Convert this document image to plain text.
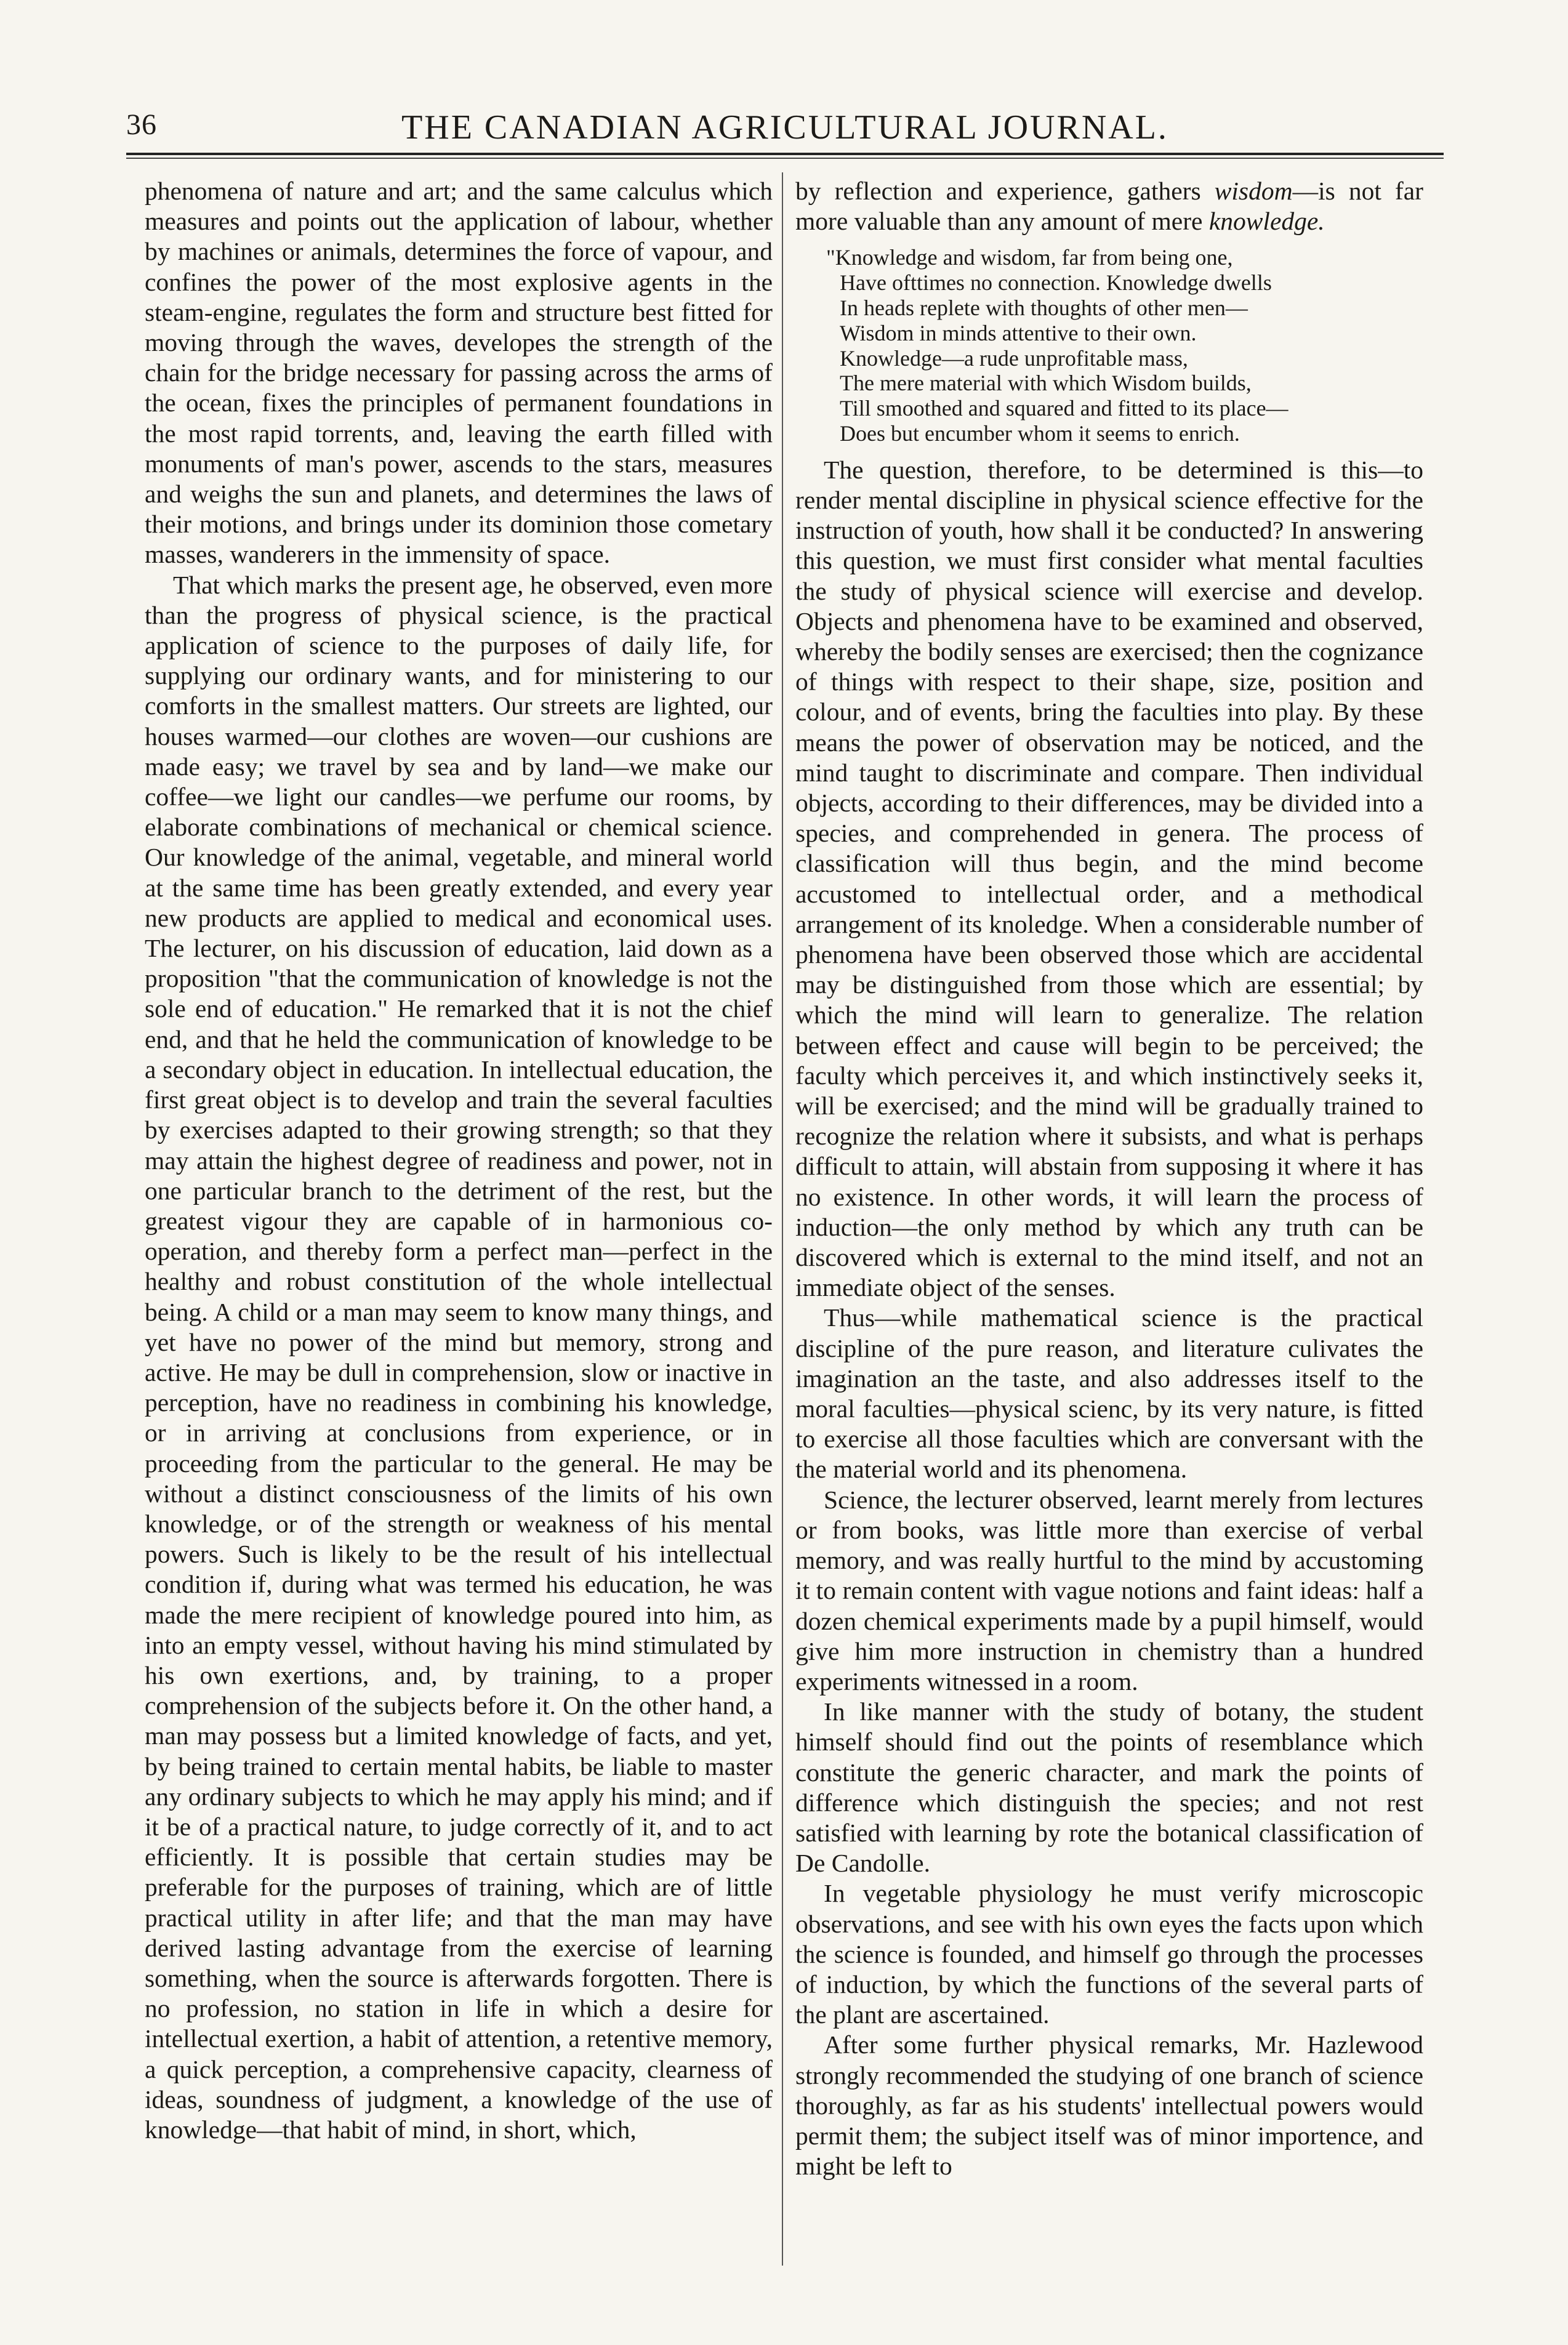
36	THE CANADIAN AGRICULTURAL JOURNAL.

phenomena of nature and art; and the same calculus which measures and points out the application of labour, whether by machines or animals, determines the force of vapour, and confines the power of the most explosive agents in the steam-engine, regulates the form and structure best fitted for moving through the waves, developes the strength of the chain for the bridge necessary for passing across the arms of the ocean, fixes the principles of permanent foundations in the most rapid torrents, and, leaving the earth filled with monuments of man's power, ascends to the stars, measures and weighs the sun and planets, and determines the laws of their motions, and brings under its dominion those cometary masses, wanderers in the immensity of space.

That which marks the present age, he observed, even more than the progress of physical science, is the practical application of science to the purposes of daily life, for supplying our ordinary wants, and for ministering to our comforts in the smallest matters. Our streets are lighted, our houses warmed—our clothes are woven—our cushions are made easy; we travel by sea and by land—we make our coffee—we light our candles—we perfume our rooms, by elaborate combinations of mechanical or chemical science. Our knowledge of the animal, vegetable, and mineral world at the same time has been greatly extended, and every year new products are applied to medical and economical uses. The lecturer, on his discussion of education, laid down as a proposition "that the communication of knowledge is not the sole end of education." He remarked that it is not the chief end, and that he held the communication of knowledge to be a secondary object in education. In intellectual education, the first great object is to develop and train the several faculties by exercises adapted to their growing strength; so that they may attain the highest degree of readiness and power, not in one particular branch to the detriment of the rest, but the greatest vigour they are capable of in harmonious co-operation, and thereby form a perfect man—perfect in the healthy and robust constitution of the whole intellectual being. A child or a man may seem to know many things, and yet have no power of the mind but memory, strong and active. He may be dull in comprehension, slow or inactive in perception, have no readiness in combining his knowledge, or in arriving at conclusions from experience, or in proceeding from the particular to the general. He may be without a distinct consciousness of the limits of his own knowledge, or of the strength or weakness of his mental powers. Such is likely to be the result of his intellectual condition if, during what was termed his education, he was made the mere recipient of knowledge poured into him, as into an empty vessel, without having his mind stimulated by his own exertions, and, by training, to a proper comprehension of the subjects before it. On the other hand, a man may possess but a limited knowledge of facts, and yet, by being trained to certain mental habits, be liable to master any ordinary subjects to which he may apply his mind; and if it be of a practical nature, to judge correctly of it, and to act efficiently. It is possible that certain studies may be preferable for the purposes of training, which are of little practical utility in after life; and that the man may have derived lasting advantage from the exercise of learning something, when the source is afterwards forgotten. There is no profession, no station in life in which a desire for intellectual exertion, a habit of attention, a retentive memory, a quick perception, a comprehensive capacity, clearness of ideas, soundness of judgment, a knowledge of the use of knowledge—that habit of mind, in short, which,

by reflection and experience, gathers wisdom—is not far more valuable than any amount of mere knowledge.

"Knowledge and wisdom, far from being one,
Have ofttimes no connection. Knowledge dwells
In heads replete with thoughts of other men—
Wisdom in minds attentive to their own.
Knowledge—a rude unprofitable mass,
The mere material with which Wisdom builds,
Till smoothed and squared and fitted to its place—
Does but encumber whom it seems to enrich.

The question, therefore, to be determined is this—to render mental discipline in physical science effective for the instruction of youth, how shall it be conducted? In answering this question, we must first consider what mental faculties the study of physical science will exercise and develop. Objects and phenomena have to be examined and observed, whereby the bodily senses are exercised; then the cognizance of things with respect to their shape, size, position and colour, and of events, bring the faculties into play. By these means the power of observation may be noticed, and the mind taught to discriminate and compare. Then individual objects, according to their differences, may be divided into a species, and comprehended in genera. The process of classification will thus begin, and the mind become accustomed to intellectual order, and a methodical arrangement of its knoledge. When a considerable number of phenomena have been observed those which are accidental may be distinguished from those which are essential; by which the mind will learn to generalize. The relation between effect and cause will begin to be perceived; the faculty which perceives it, and which instinctively seeks it, will be exercised; and the mind will be gradually trained to recognize the relation where it subsists, and what is perhaps difficult to attain, will abstain from supposing it where it has no existence. In other words, it will learn the process of induction—the only method by which any truth can be discovered which is external to the mind itself, and not an immediate object of the senses.

Thus—while mathematical science is the practical discipline of the pure reason, and literature culivates the imagination an the taste, and also addresses itself to the moral faculties—physical scienc, by its very nature, is fitted to exercise all those faculties which are conversant with the the material world and its phenomena.

Science, the lecturer observed, learnt merely from lectures or from books, was little more than exercise of verbal memory, and was really hurtful to the mind by accustoming it to remain content with vague notions and faint ideas: half a dozen chemical experiments made by a pupil himself, would give him more instruction in chemistry than a hundred experiments witnessed in a room.

In like manner with the study of botany, the student himself should find out the points of resemblance which constitute the generic character, and mark the points of difference which distinguish the species; and not rest satisfied with learning by rote the botanical classification of De Candolle.

In vegetable physiology he must verify microscopic observations, and see with his own eyes the facts upon which the science is founded, and himself go through the processes of induction, by which the functions of the several parts of the plant are ascertained.

After some further physical remarks, Mr. Hazlewood strongly recommended the studying of one branch of science thoroughly, as far as his students' intellectual powers would permit them; the subject itself was of minor importence, and might be left to
